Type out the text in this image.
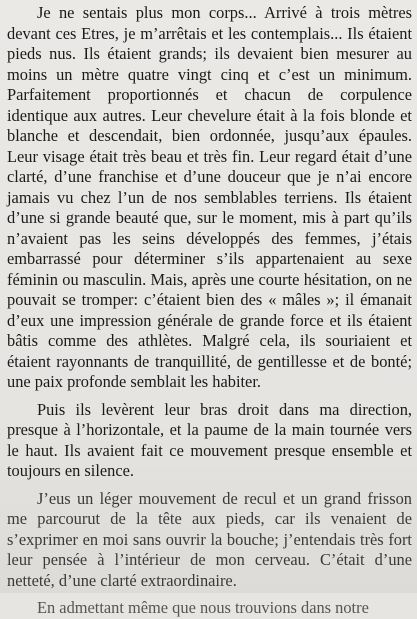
Je ne sentais plus mon corps... Arrivé à trois mètres devant ces Etres, je m’arrêtais et les contemplais... Ils étaient pieds nus. Ils étaient grands; ils devaient bien mesurer au moins un mètre quatre vingt cinq et c’est un minimum. Parfaitement proportionnés et chacun de corpulence identique aux autres. Leur chevelure était à la fois blonde et blanche et descendait, bien ordonnée, jusqu’aux épaules. Leur visage était très beau et très fin. Leur regard était d’une clarté, d’une franchise et d’une douceur que je n’ai encore jamais vu chez l’un de nos semblables terriens. Ils étaient d’une si grande beauté que, sur le moment, mis à part qu’ils n’avaient pas les seins développés des femmes, j’étais embarrassé pour déterminer s’ils appartenaient au sexe féminin ou masculin. Mais, après une courte hésitation, on ne pouvait se tromper: c’étaient bien des « mâles »; il émanait d’eux une impression générale de grande force et ils étaient bâtis comme des athlètes. Malgré cela, ils souriaient et étaient rayonnants de tranquillité, de gentillesse et de bonté; une paix profonde semblait les habiter.

Puis ils levèrent leur bras droit dans ma direction, presque à l’horizontale, et la paume de la main tournée vers le haut. Ils avaient fait ce mouvement presque ensemble et toujours en silence.

J’eus un léger mouvement de recul et un grand frisson me parcourut de la tête aux pieds, car ils venaient de s’exprimer en moi sans ouvrir la bouche; j’entendais très fort leur pensée à l’intérieur de mon cerveau. C’était d’une netteté, d’une clarté extraordinaire.

En admettant même que nous trouvions dans notre
